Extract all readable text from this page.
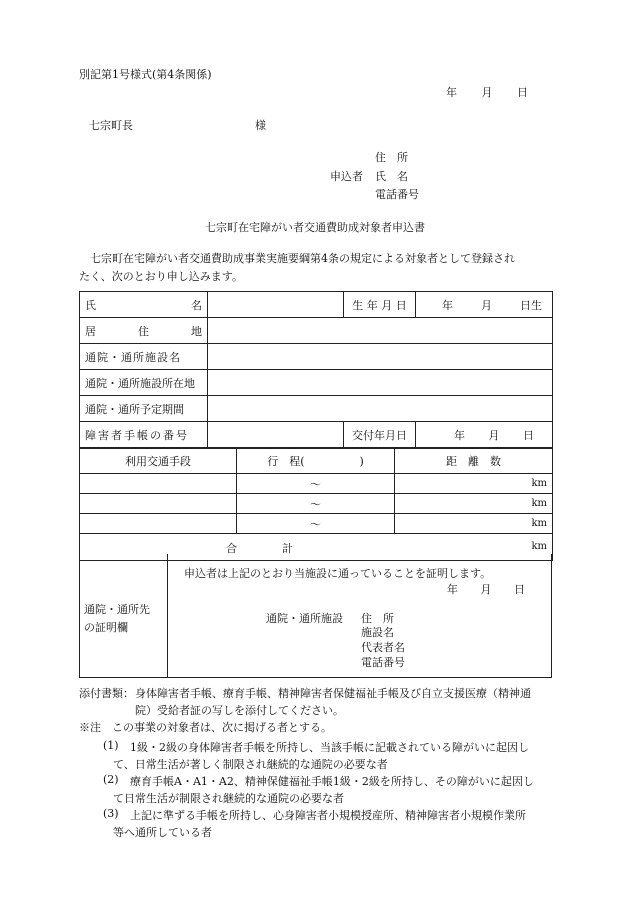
別記第1号様式(第4条関係)
年 月 日
七宗町長	様
住　所
申込者 氏　名
電話番号
七宗町在宅障がい者交通費助成対象者申込書
七宗町在宅障がい者交通費助成事業実施要綱第4条の規定による対象者として登録され
たく、次のとおり申し込みます。
氏 名		生 年 月 日	年 月 日生

居 住 地			

通院・通所施設名			
通院・通所施設所在地			
通院・通所予定期間			
障害者手帳の番号		交付年月日	年 月 日
利用交通手段	行　程(　　　　　)	距　離　数
	〜	km
	〜	km
	〜	km

合 計 km		
通院・通所先
の証明欄
申込者は上記のとおり当施設に通っていることを証明します。
年 月 日
通院・通所施設 住　所
施設名
代表者名
電話番号
添付書類： 身体障害者手帳、療育手帳、精神障害者保健福祉手帳及び自立支援医療（精神通
院）受給者証の写しを添付してください。
※注　この事業の対象者は、次に掲げる者とする。
(1) 1級・2級の身体障害者手帳を所持し、当該手帳に記載されている障がいに起因し
て、日常生活が著しく制限され継続的な通院の必要な者
(2) 療育手帳A・A1・A2、精神保健福祉手帳1級・2級を所持し、その障がいに起因し
て日常生活が制限され継続的な通院の必要な者
(3) 上記に準ずる手帳を所持し、心身障害者小規模授産所、精神障害者小規模作業所
等へ通所している者
